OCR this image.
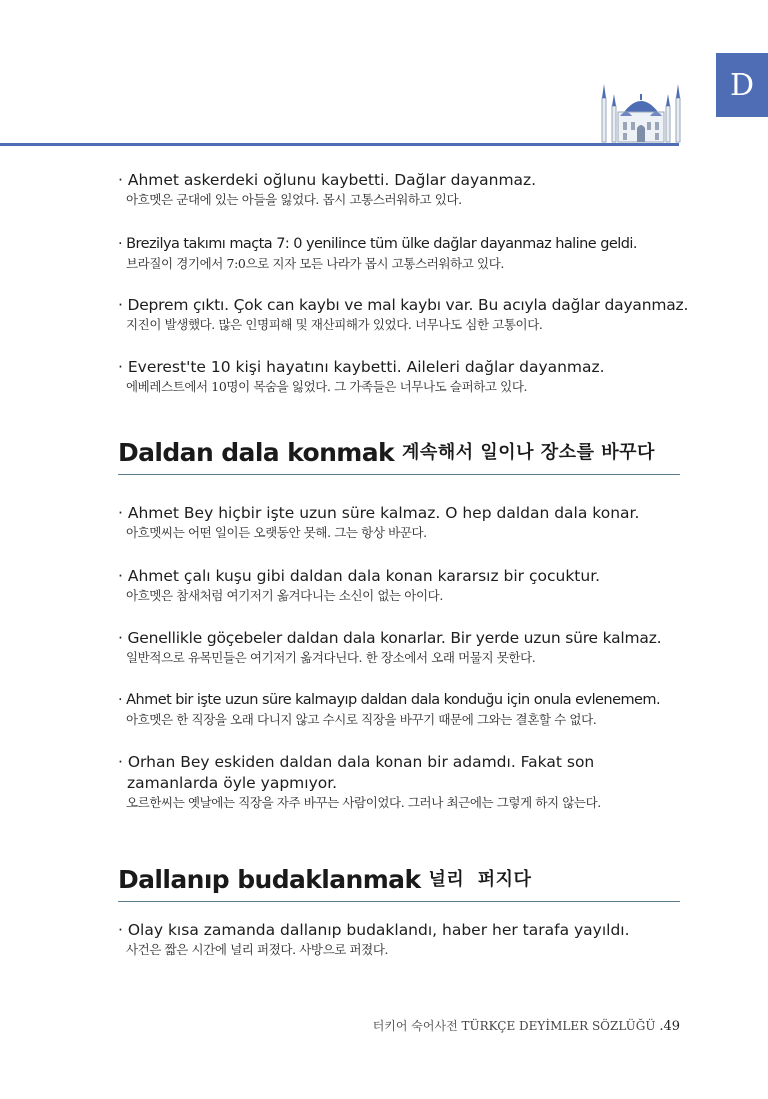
D
· Ahmet askerdeki oğlunu kaybetti. Dağlar dayanmaz.
아흐멧은 군대에 있는 아들을 잃었다. 몹시 고통스러워하고 있다.
· Brezilya takımı maçta 7: 0 yenilince tüm ülke dağlar dayanmaz haline geldi.
브라질이 경기에서 7:0으로 지자 모든 나라가 몹시 고통스러워하고 있다.
· Deprem çıktı. Çok can kaybı ve mal kaybı var. Bu acıyla dağlar dayanmaz.
지진이 발생했다. 많은 인명피해 및 재산피해가 있었다. 너무나도 심한 고통이다.
· Everest'te 10 kişi hayatını kaybetti. Aileleri dağlar dayanmaz.
에베레스트에서 10명이 목숨을 잃었다. 그 가족들은 너무나도 슬퍼하고 있다.
Daldan dala konmak 계속해서 일이나 장소를 바꾸다
· Ahmet Bey hiçbir işte uzun süre kalmaz. O hep daldan dala konar.
아흐멧씨는 어떤 일이든 오랫동안 못해. 그는 항상 바꾼다.
· Ahmet çalı kuşu gibi daldan dala konan kararsız bir çocuktur.
아흐멧은 참새처럼 여기저기 옮겨다니는 소신이 없는 아이다.
· Genellikle göçebeler daldan dala konarlar. Bir yerde uzun süre kalmaz.
일반적으로 유목민들은 여기저기 옮겨다닌다. 한 장소에서 오래 머물지 못한다.
· Ahmet bir işte uzun süre kalmayıp daldan dala konduğu için onula evlenemem.
아흐멧은 한 직장을 오래 다니지 않고 수시로 직장을 바꾸기 때문에 그와는 결혼할 수 없다.
· Orhan Bey eskiden daldan dala konan bir adamdı. Fakat son zamanlarda öyle yapmıyor.
오르한씨는 옛날에는 직장을 자주 바꾸는 사람이었다. 그러나 최근에는 그렇게 하지 않는다.
Dallanıp budaklanmak 널리  퍼지다
· Olay kısa zamanda dallanıp budaklandı, haber her tarafa yayıldı.
사건은 짧은 시간에 널리 퍼졌다. 사방으로 퍼졌다.
터키어 숙어사전 TÜRKÇE DEYİMLER SÖZLÜĞÜ .49
